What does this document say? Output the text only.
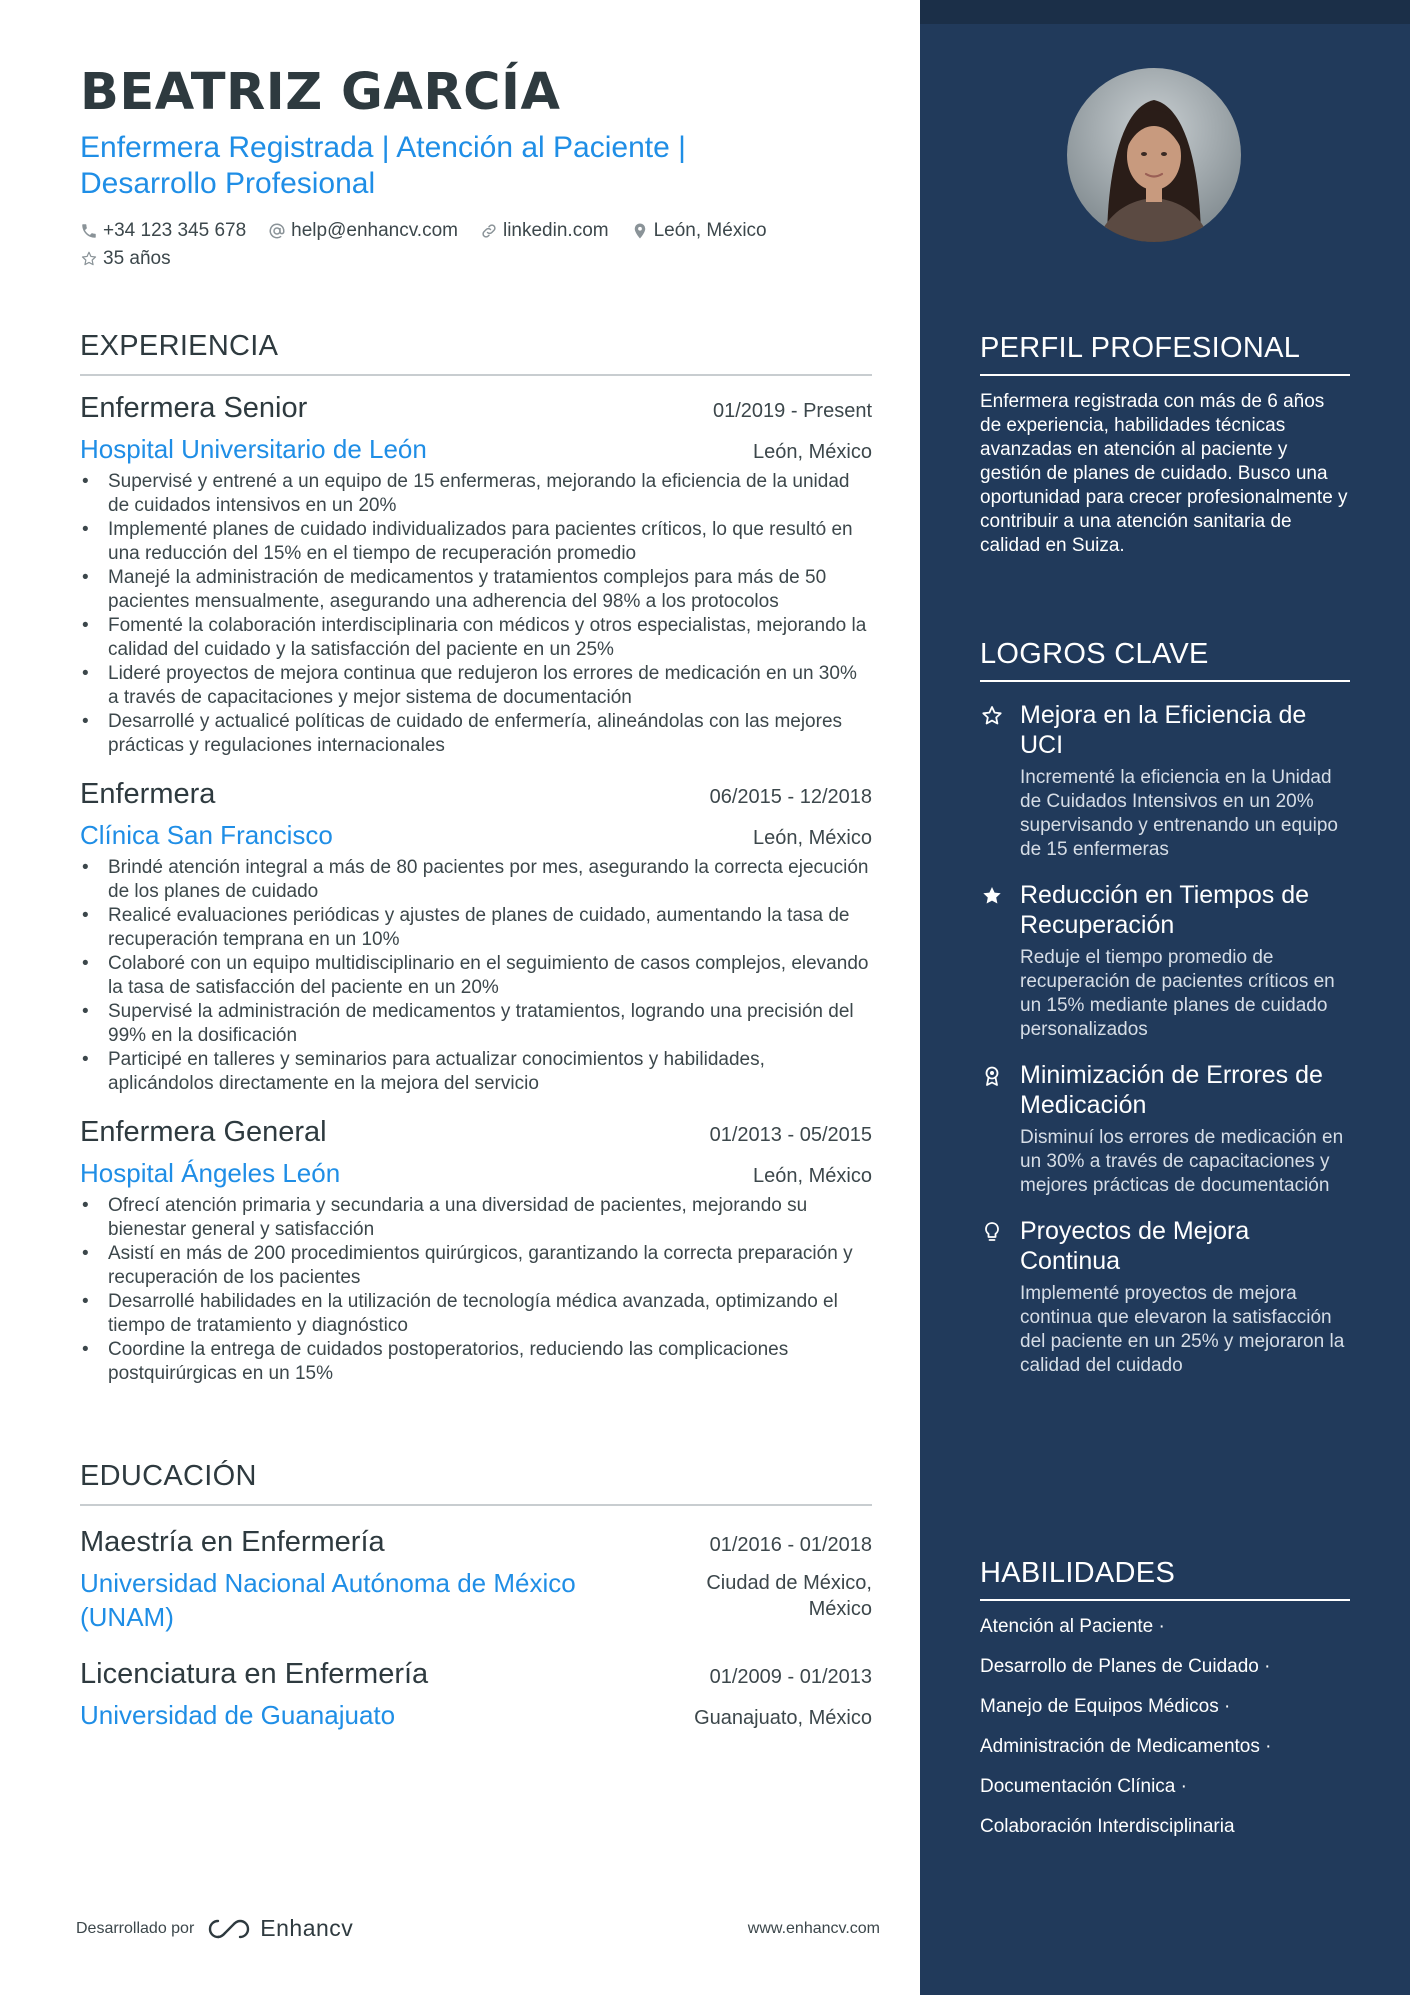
BEATRIZ GARCÍA
Enfermera Registrada | Atención al Paciente | Desarrollo Profesional
+34 123 345 678 help@enhancv.com linkedin.com León, México
35 años
EXPERIENCIA
Enfermera Senior	01/2019 - Present
Hospital Universitario de León	León, México
• Supervisé y entrené a un equipo de 15 enfermeras, mejorando la eficiencia de la unidad de cuidados intensivos en un 20%
• Implementé planes de cuidado individualizados para pacientes críticos, lo que resultó en una reducción del 15% en el tiempo de recuperación promedio
• Manejé la administración de medicamentos y tratamientos complejos para más de 50 pacientes mensualmente, asegurando una adherencia del 98% a los protocolos
• Fomenté la colaboración interdisciplinaria con médicos y otros especialistas, mejorando la calidad del cuidado y la satisfacción del paciente en un 25%
• Lideré proyectos de mejora continua que redujeron los errores de medicación en un 30% a través de capacitaciones y mejor sistema de documentación
• Desarrollé y actualicé políticas de cuidado de enfermería, alineándolas con las mejores prácticas y regulaciones internacionales
Enfermera	06/2015 - 12/2018
Clínica San Francisco	León, México
• Brindé atención integral a más de 80 pacientes por mes, asegurando la correcta ejecución de los planes de cuidado
• Realicé evaluaciones periódicas y ajustes de planes de cuidado, aumentando la tasa de recuperación temprana en un 10%
• Colaboré con un equipo multidisciplinario en el seguimiento de casos complejos, elevando la tasa de satisfacción del paciente en un 20%
• Supervisé la administración de medicamentos y tratamientos, logrando una precisión del 99% en la dosificación
• Participé en talleres y seminarios para actualizar conocimientos y habilidades, aplicándolos directamente en la mejora del servicio
Enfermera General	01/2013 - 05/2015
Hospital Ángeles León	León, México
• Ofrecí atención primaria y secundaria a una diversidad de pacientes, mejorando su bienestar general y satisfacción
• Asistí en más de 200 procedimientos quirúrgicos, garantizando la correcta preparación y recuperación de los pacientes
• Desarrollé habilidades en la utilización de tecnología médica avanzada, optimizando el tiempo de tratamiento y diagnóstico
• Coordine la entrega de cuidados postoperatorios, reduciendo las complicaciones postquirúrgicas en un 15%
EDUCACIÓN
Maestría en Enfermería	01/2016 - 01/2018
Universidad Nacional Autónoma de México (UNAM)
Ciudad de México,
México
Licenciatura en Enfermería	01/2009 - 01/2013
Universidad de Guanajuato	Guanajuato, México
Desarrollado por	Enhancv	www.enhancv.com
PERFIL PROFESIONAL
Enfermera registrada con más de 6 años de experiencia, habilidades técnicas avanzadas en atención al paciente y gestión de planes de cuidado. Busco una oportunidad para crecer profesionalmente y contribuir a una atención sanitaria de calidad en Suiza.
LOGROS CLAVE
Mejora en la Eficiencia de UCI
Incrementé la eficiencia en la Unidad de Cuidados Intensivos en un 20% supervisando y entrenando un equipo de 15 enfermeras
Reducción en Tiempos de Recuperación
Reduje el tiempo promedio de recuperación de pacientes críticos en un 15% mediante planes de cuidado personalizados
Minimización de Errores de Medicación
Disminuí los errores de medicación en un 30% a través de capacitaciones y mejores prácticas de documentación
Proyectos de Mejora Continua
Implementé proyectos de mejora continua que elevaron la satisfacción del paciente en un 25% y mejoraron la calidad del cuidado
HABILIDADES
Atención al Paciente ·
Desarrollo de Planes de Cuidado ·
Manejo de Equipos Médicos ·
Administración de Medicamentos ·
Documentación Clínica ·
Colaboración Interdisciplinaria
